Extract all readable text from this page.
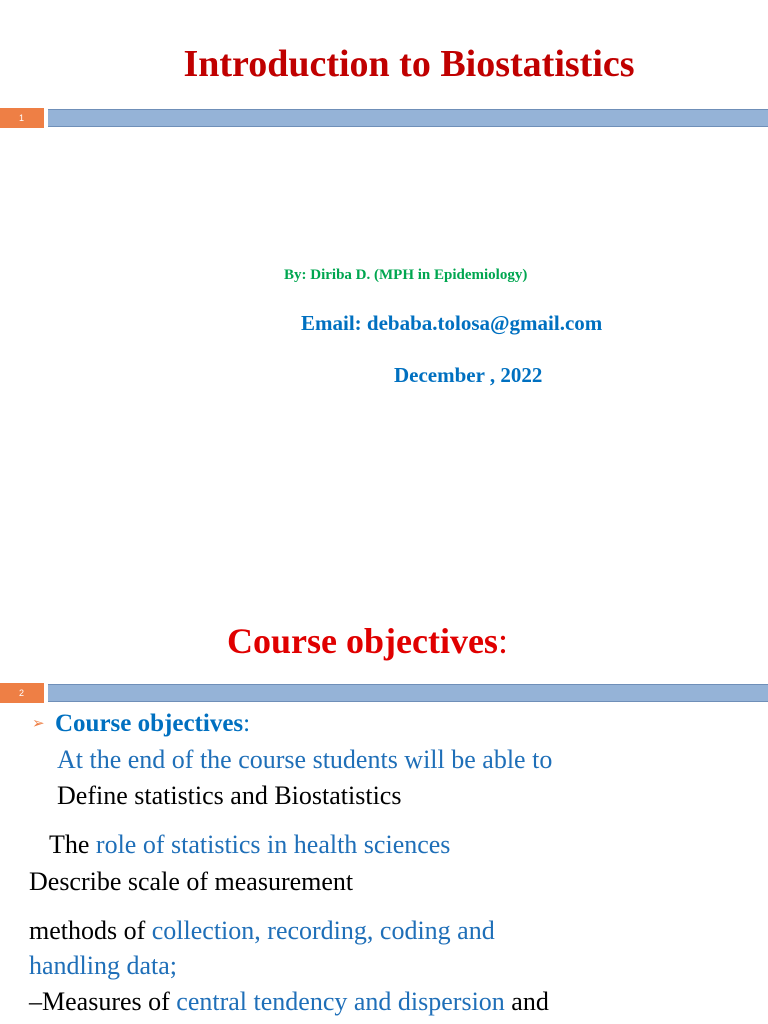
Introduction to Biostatistics
1
By: Diriba D. (MPH in Epidemiology)
Email: debaba.tolosa@gmail.com
December , 2022
Course objectives:
2
➢ Course objectives:
At the end of the course students will be able to
Define statistics and Biostatistics
The role of statistics in health sciences
Describe scale of measurement
methods of collection, recording, coding and
handling data;
–Measures of central tendency and dispersion and
